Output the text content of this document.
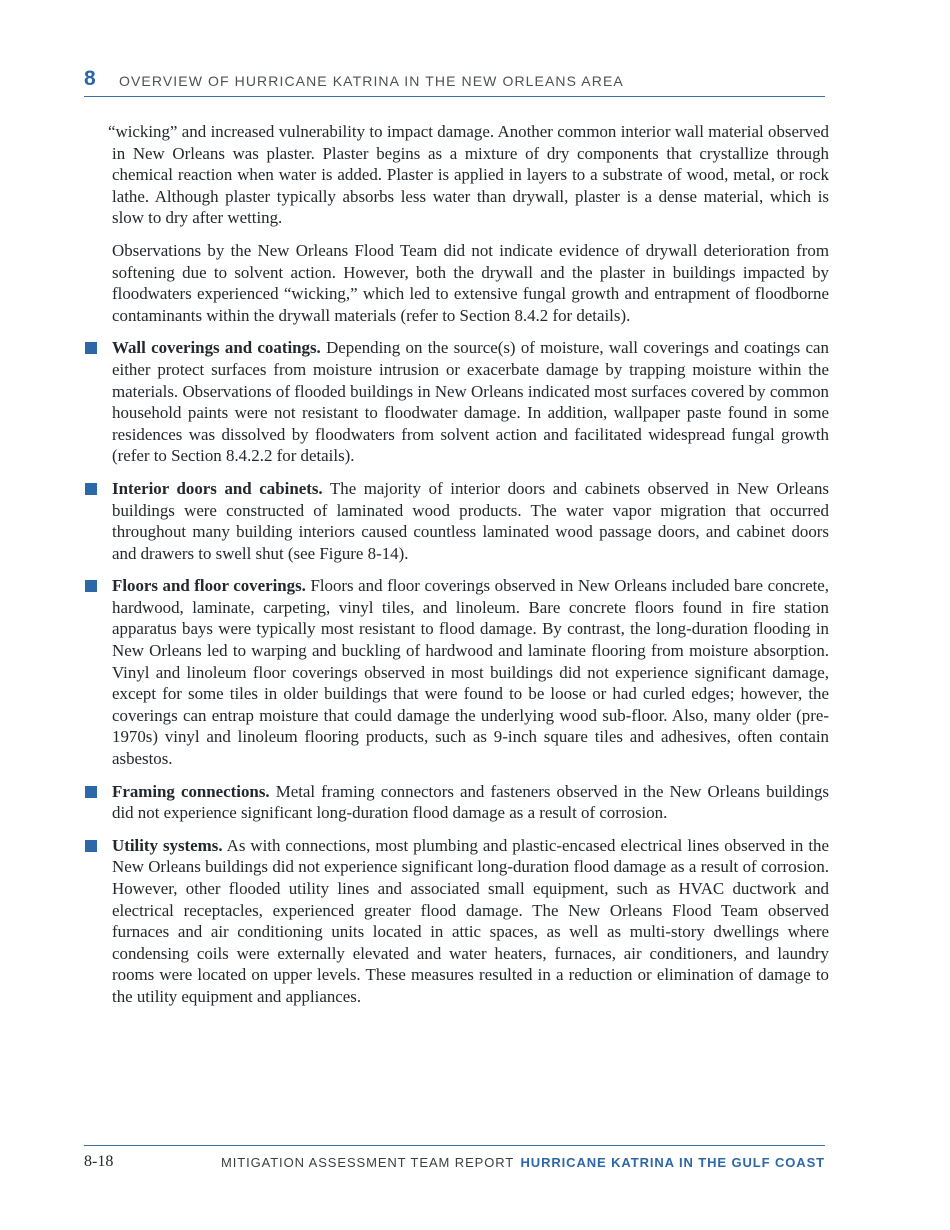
8 OVERVIEW OF HURRICANE KATRINA IN THE NEW ORLEANS AREA

“wicking” and increased vulnerability to impact damage. Another common interior wall material observed in New Orleans was plaster. Plaster begins as a mixture of dry components that crystallize through chemical reaction when water is added. Plaster is applied in layers to a substrate of wood, metal, or rock lathe. Although plaster typically absorbs less water than drywall, plaster is a dense material, which is slow to dry after wetting.

Observations by the New Orleans Flood Team did not indicate evidence of drywall deterioration from softening due to solvent action. However, both the drywall and the plaster in buildings impacted by floodwaters experienced “wicking,” which led to extensive fungal growth and entrapment of floodborne contaminants within the drywall materials (refer to Section 8.4.2 for details).

Wall coverings and coatings. Depending on the source(s) of moisture, wall coverings and coatings can either protect surfaces from moisture intrusion or exacerbate damage by trapping moisture within the materials. Observations of flooded buildings in New Orleans indicated most surfaces covered by common household paints were not resistant to floodwater damage. In addition, wallpaper paste found in some residences was dissolved by floodwaters from solvent action and facilitated widespread fungal growth (refer to Section 8.4.2.2 for details).
Interior doors and cabinets. The majority of interior doors and cabinets observed in New Orleans buildings were constructed of laminated wood products. The water vapor migration that occurred throughout many building interiors caused countless laminated wood passage doors, and cabinet doors and drawers to swell shut (see Figure 8-14).
Floors and floor coverings. Floors and floor coverings observed in New Orleans included bare concrete, hardwood, laminate, carpeting, vinyl tiles, and linoleum. Bare concrete floors found in fire station apparatus bays were typically most resistant to flood damage. By contrast, the long-duration flooding in New Orleans led to warping and buckling of hardwood and laminate flooring from moisture absorption. Vinyl and linoleum floor coverings observed in most buildings did not experience significant damage, except for some tiles in older buildings that were found to be loose or had curled edges; however, the coverings can entrap moisture that could damage the underlying wood sub-floor. Also, many older (pre-1970s) vinyl and linoleum flooring products, such as 9-inch square tiles and adhesives, often contain asbestos.
Framing connections. Metal framing connectors and fasteners observed in the New Orleans buildings did not experience significant long-duration flood damage as a result of corrosion.
Utility systems. As with connections, most plumbing and plastic-encased electrical lines observed in the New Orleans buildings did not experience significant long-duration flood damage as a result of corrosion. However, other flooded utility lines and associated small equipment, such as HVAC ductwork and electrical receptacles, experienced greater flood damage. The New Orleans Flood Team observed furnaces and air conditioning units located in attic spaces, as well as multi-story dwellings where condensing coils were externally elevated and water heaters, furnaces, air conditioners, and laundry rooms were located on upper levels. These measures resulted in a reduction or elimination of damage to the utility equipment and appliances.
8-18	MITIGATION ASSESSMENT TEAM REPORT HURRICANE KATRINA IN THE GULF COAST
